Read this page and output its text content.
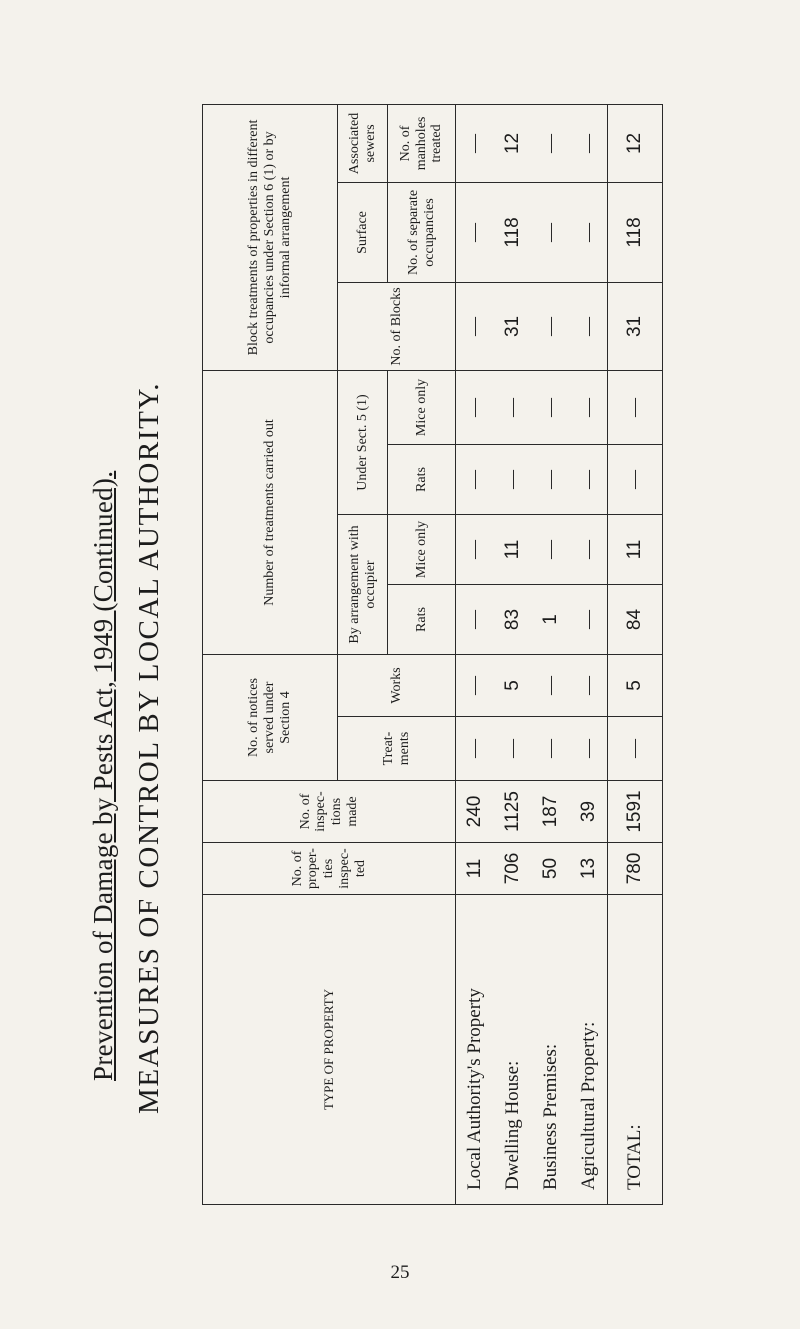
Prevention of Damage by Pests Act, 1949 (Continued). MEASURES OF CONTROL BY LOCAL AUTHORITY.	TYPE OF PROPERTY	No. of proper-ties inspec-ted	No. of inspec-tions made	No. of notices served under Section 4		Number of treatments carried out				Block treatments of properties in different occupancies under Section 6 (1) or by informal arrangement		
			Treat-ments	Works	By arrangement with occupier		Under Sect. 5 (1)		No. of Blocks	Surface	Associated sewers
					Rats	Mice only	Rats	Mice only		No. of separate occupancies	No. of manholes treated
Local Authority's Property	11	240	—	—	—	—	—	—	—	—	—
Dwelling House:	706	1125	—	5	83	11	—	—	31	118	12
Business Premises:	50	187	—	—	1	—	—	—	—	—	—
Agricultural Property:	13	39	—	—	—	—	—	—	—	—	—
TOTAL:	780	1591	—	5	84	11	—	—	31	118	12
25
